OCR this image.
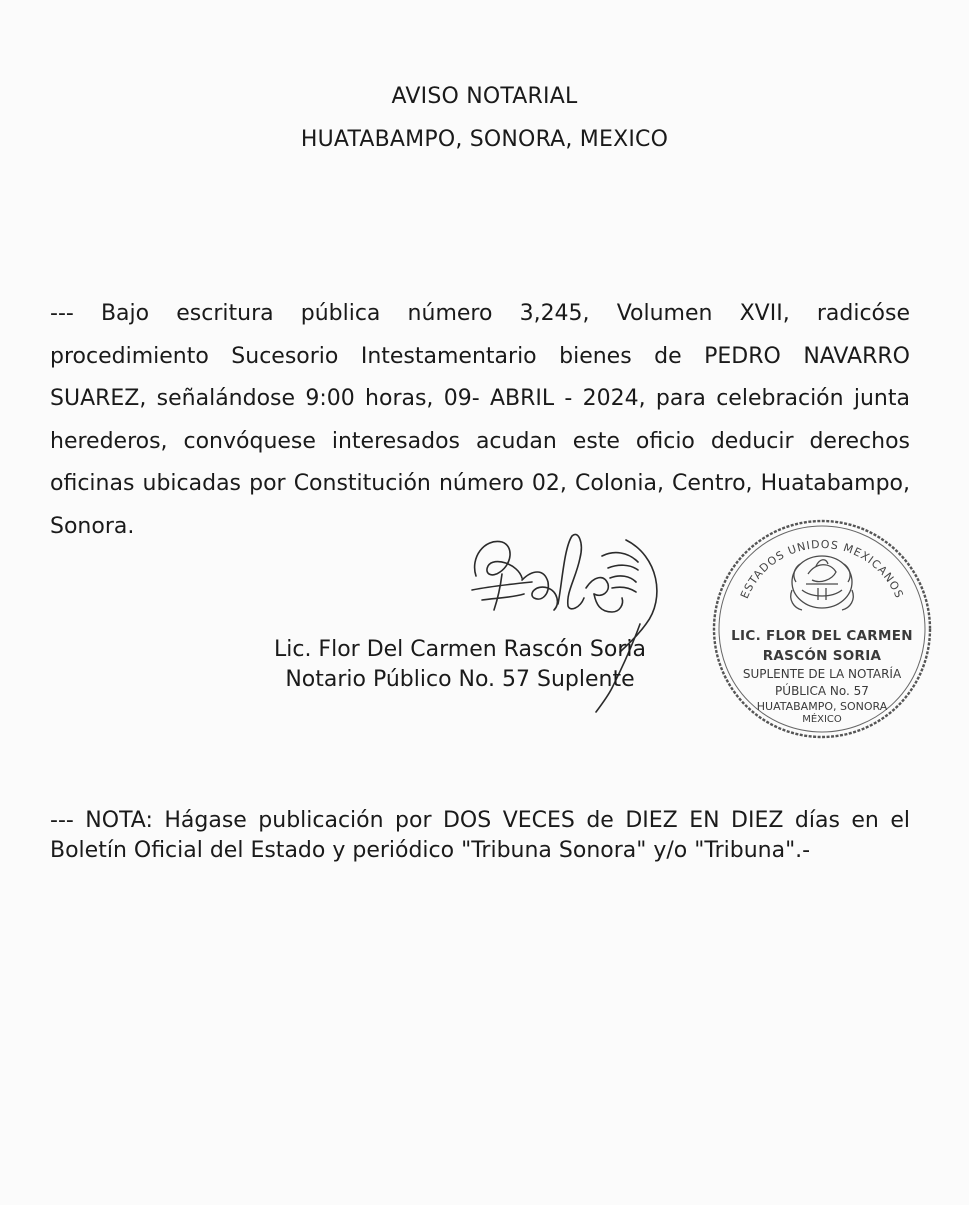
AVISO NOTARIAL
HUATABAMPO, SONORA, MEXICO
--- Bajo escritura pública número 3,245, Volumen XVII, radicóse procedimiento Sucesorio Intestamentario bienes de PEDRO NAVARRO SUAREZ, señalándose 9:00 horas, 09- ABRIL - 2024, para celebración junta herederos, convóquese interesados acudan este oficio deducir derechos oficinas ubicadas por Constitución número 02, Colonia, Centro, Huatabampo, Sonora.
Lic. Flor Del Carmen Rascón Soria
Notario Público No. 57 Suplente
ESTADOS UNIDOS MEXICANOS
LIC. FLOR DEL CARMEN
RASCÓN SORIA
SUPLENTE DE LA NOTARÍA
PÚBLICA No. 57
HUATABAMPO, SONORA
MÉXICO
--- NOTA: Hágase publicación por DOS VECES de DIEZ EN DIEZ días en el Boletín Oficial del Estado y periódico "Tribuna Sonora" y/o "Tribuna".-
